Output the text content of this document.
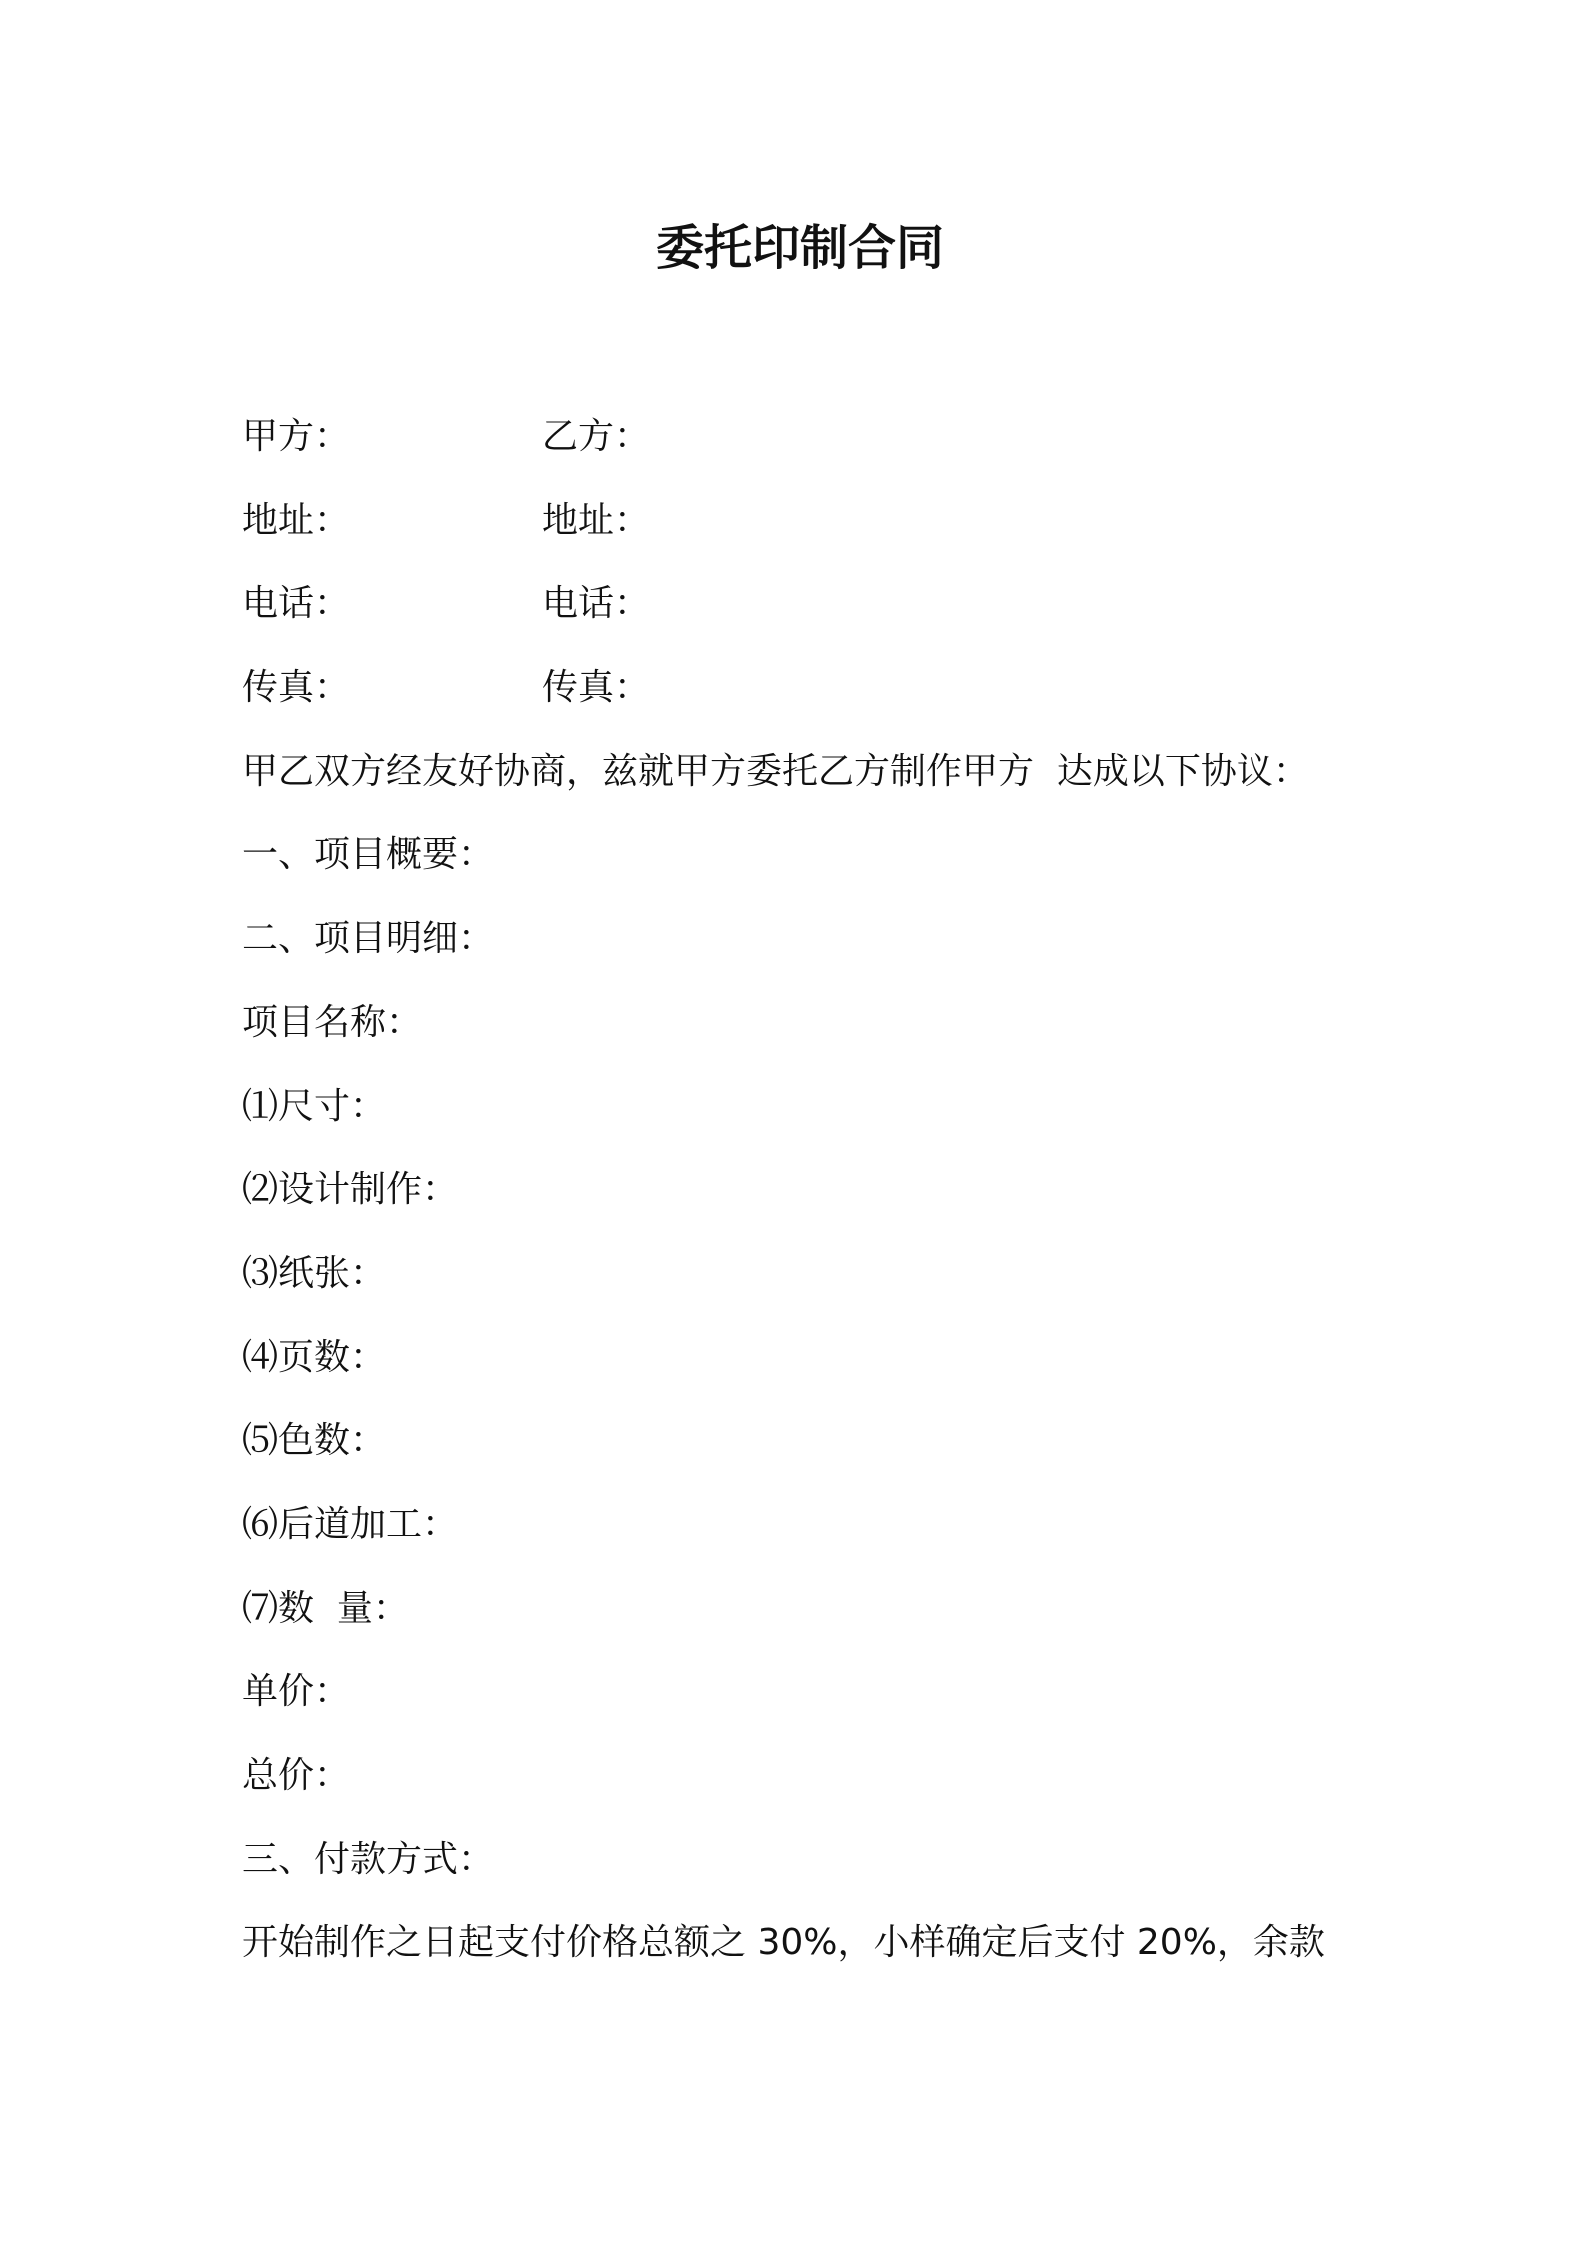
委托印制合同
甲方：	乙方：
地址：	地址：
电话：	电话：
传真：	传真：
甲乙双方经友好协商，兹就甲方委托乙方制作甲方  达成以下协议：
一、项目概要：
二、项目明细：
项目名称：
⑴尺寸：
⑵设计制作：
⑶纸张：
⑷页数：
⑸色数：
⑹后道加工：
⑺数  量：
单价：
总价：
三、付款方式：
开始制作之日起支付价格总额之 30%，小样确定后支付 20%，余款
